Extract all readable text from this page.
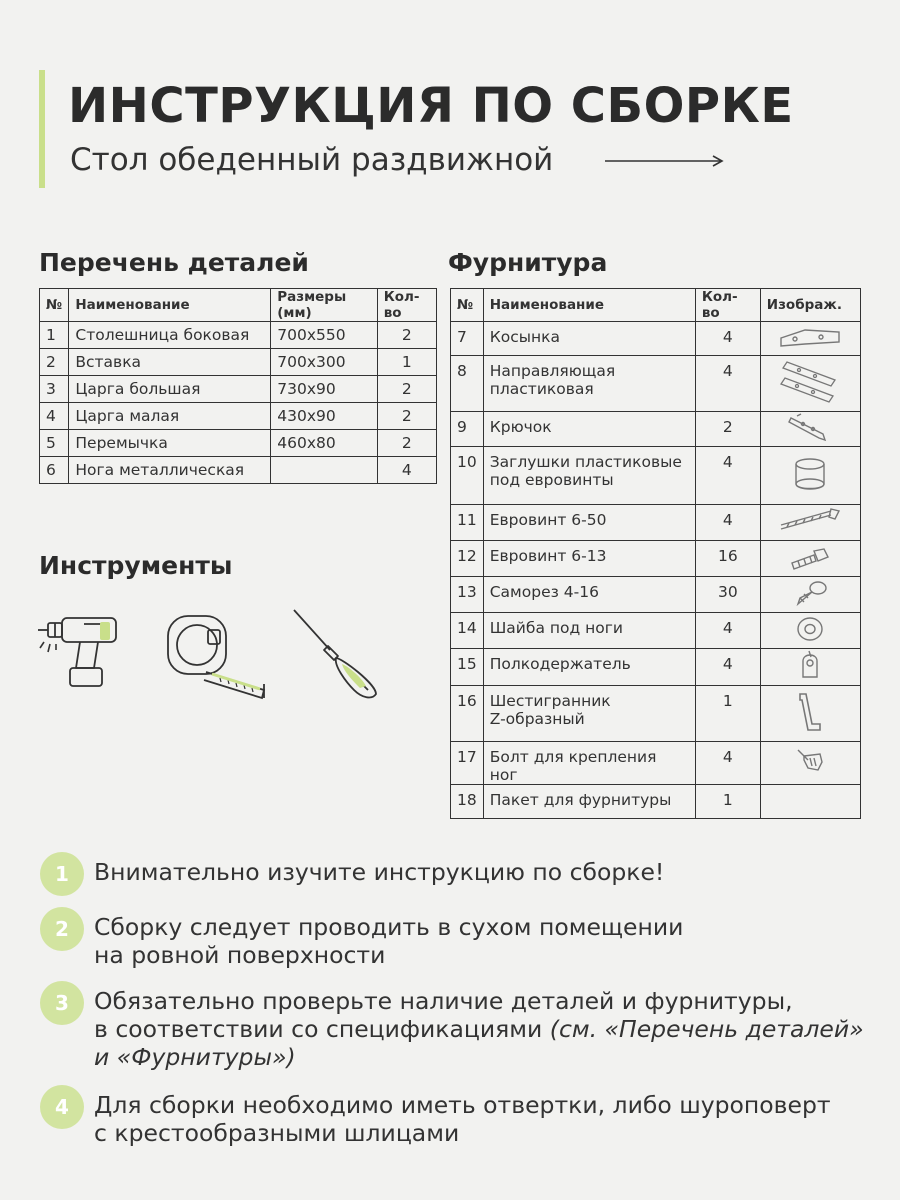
ИНСТРУКЦИЯ ПО СБОРКЕ
Стол обеденный раздвижной
Перечень деталей
№	Наименование	Размеры (мм)	Кол-во
1	Столешница боковая	700х550	2
2	Вставка	700х300	1
3	Царга большая	730х90	2
4	Царга малая	430х90	2
5	Перемычка	460х80	2
6	Нога металлическая		4
Инструменты
Фурнитура
№	Наименование	Кол-во	Изображ.
7	Косынка	4	
8	Направляющая
пластиковая	4	
9	Крючок	2	
10	Заглушки пластиковые
под евровинты	4	
11	Евровинт 6-50	4	
12	Евровинт 6-13	16	
13	Саморез 4-16	30	
14	Шайба под ноги	4	
15	Полкодержатель	4	
16	Шестигранник
Z-образный	1	
17	Болт для крепления ног	4	
18	Пакет для фурнитуры	1	
1	Внимательно изучите инструкцию по сборке!
2	Сборку следует проводить в сухом помещении
на ровной поверхности
3	Обязательно проверьте наличие деталей и фурнитуры,
в соответствии со спецификациями (см. «Перечень деталей»
и «Фурнитуры»)
4	Для сборки необходимо иметь отвертки, либо шуроповерт
с крестообразными шлицами
